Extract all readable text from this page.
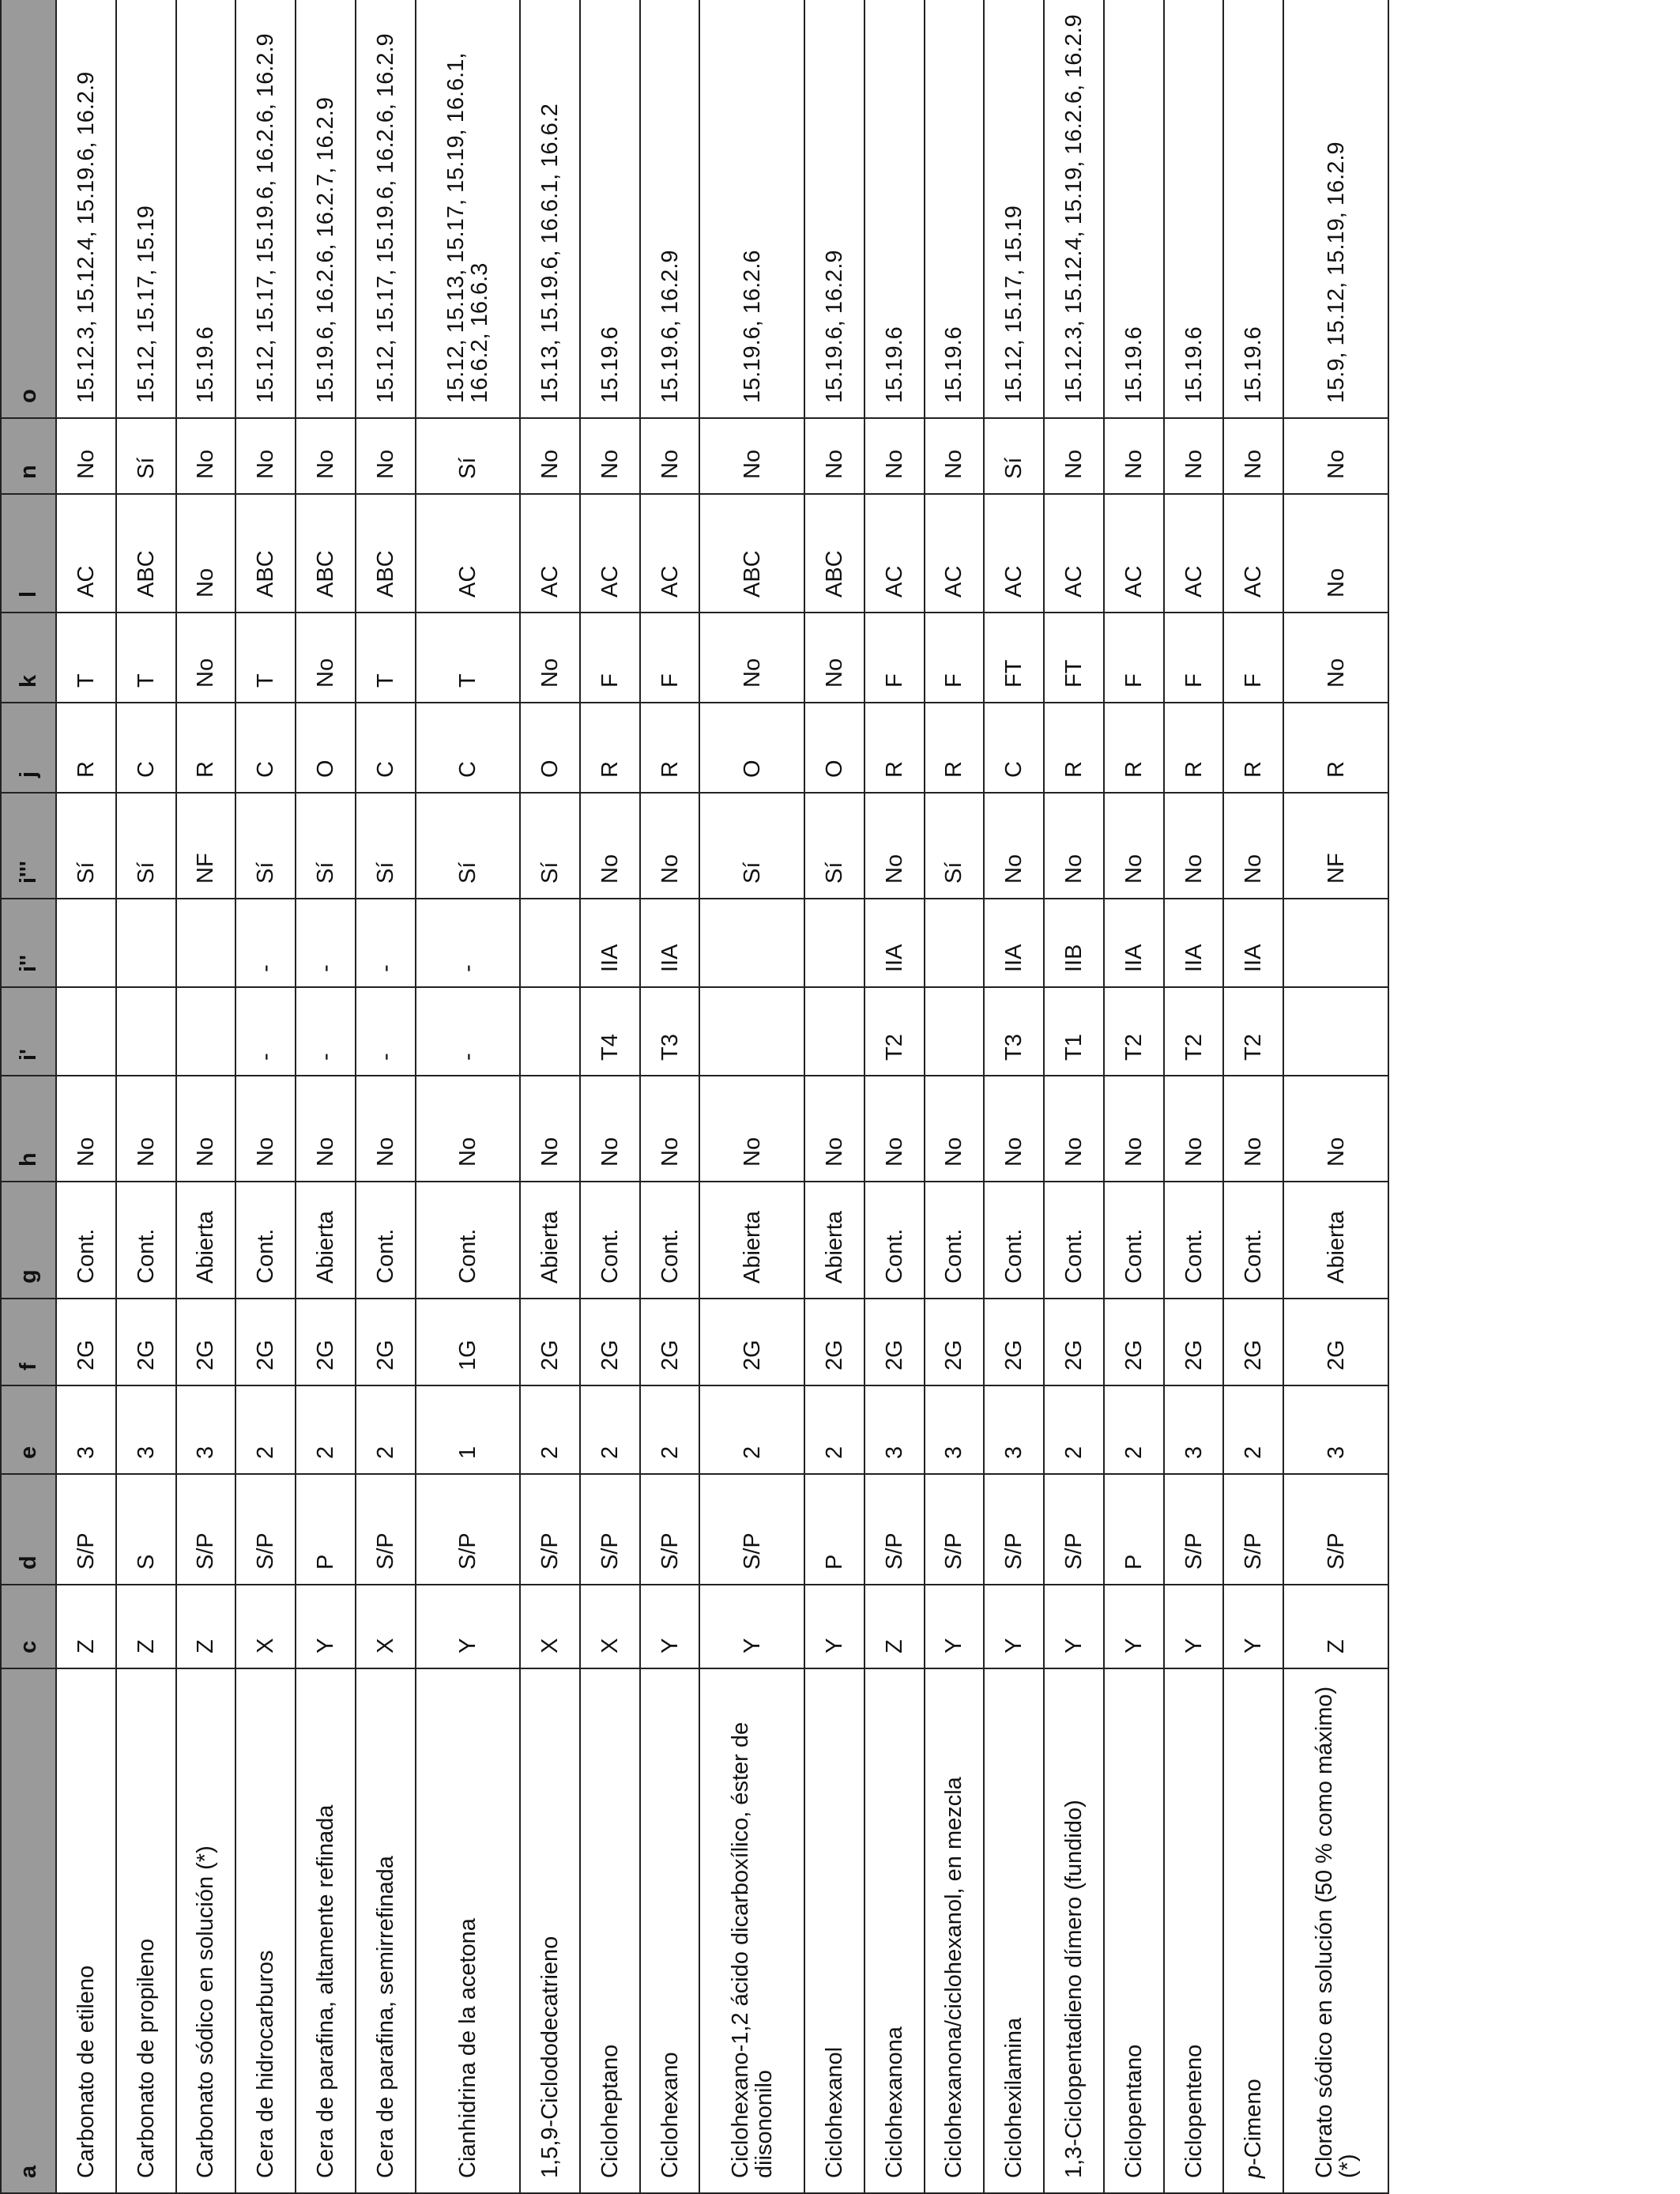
a	c	d	e	f	g	h	i'	i''	i'''	j	k	l	n	o
Carbonato de etileno	Z	S/P	3	2G	Cont.	No			Sí	R	T	AC	No	15.12.3, 15.12.4, 15.19.6, 16.2.9
Carbonato de propileno	Z	S	3	2G	Cont.	No			Sí	C	T	ABC	Sí	15.12, 15.17, 15.19
Carbonato sódico en solución (*)	Z	S/P	3	2G	Abierta	No			NF	R	No	No	No	15.19.6
Cera de hidrocarburos	X	S/P	2	2G	Cont.	No	-	-	Sí	C	T	ABC	No	15.12, 15.17, 15.19.6, 16.2.6, 16.2.9
Cera de parafina, altamente refinada	Y	P	2	2G	Abierta	No	-	-	Sí	O	No	ABC	No	15.19.6, 16.2.6, 16.2.7, 16.2.9
Cera de parafina, semirrefinada	X	S/P	2	2G	Cont.	No	-	-	Sí	C	T	ABC	No	15.12, 15.17, 15.19.6, 16.2.6, 16.2.9
Cianhidrina de la acetona	Y	S/P	1	1G	Cont.	No	-	-	Sí	C	T	AC	Sí	15.12, 15.13, 15.17, 15.19, 16.6.1, 16.6.2, 16.6.3
1,5,9-Ciclododecatrieno	X	S/P	2	2G	Abierta	No			Sí	O	No	AC	No	15.13, 15.19.6, 16.6.1, 16.6.2
Cicloheptano	X	S/P	2	2G	Cont.	No	T4	IIA	No	R	F	AC	No	15.19.6
Ciclohexano	Y	S/P	2	2G	Cont.	No	T3	IIA	No	R	F	AC	No	15.19.6, 16.2.9
Ciclohexano-1,2 ácido dicarboxílico, éster de diisononilo	Y	S/P	2	2G	Abierta	No			Sí	O	No	ABC	No	15.19.6, 16.2.6
Ciclohexanol	Y	P	2	2G	Abierta	No			Sí	O	No	ABC	No	15.19.6, 16.2.9
Ciclohexanona	Z	S/P	3	2G	Cont.	No	T2	IIA	No	R	F	AC	No	15.19.6
Ciclohexanona/ciclohexanol, en mezcla	Y	S/P	3	2G	Cont.	No			Sí	R	F	AC	No	15.19.6
Ciclohexilamina	Y	S/P	3	2G	Cont.	No	T3	IIA	No	C	FT	AC	Sí	15.12, 15.17, 15.19
1,3-Ciclopentadieno dímero (fundido)	Y	S/P	2	2G	Cont.	No	T1	IIB	No	R	FT	AC	No	15.12.3, 15.12.4, 15.19, 16.2.6, 16.2.9
Ciclopentano	Y	P	2	2G	Cont.	No	T2	IIA	No	R	F	AC	No	15.19.6
Ciclopenteno	Y	S/P	3	2G	Cont.	No	T2	IIA	No	R	F	AC	No	15.19.6
p-Cimeno	Y	S/P	2	2G	Cont.	No	T2	IIA	No	R	F	AC	No	15.19.6
Clorato sódico en solución (50 % como máximo) (*)	Z	S/P	3	2G	Abierta	No			NF	R	No	No	No	15.9, 15.12, 15.19, 16.2.9
